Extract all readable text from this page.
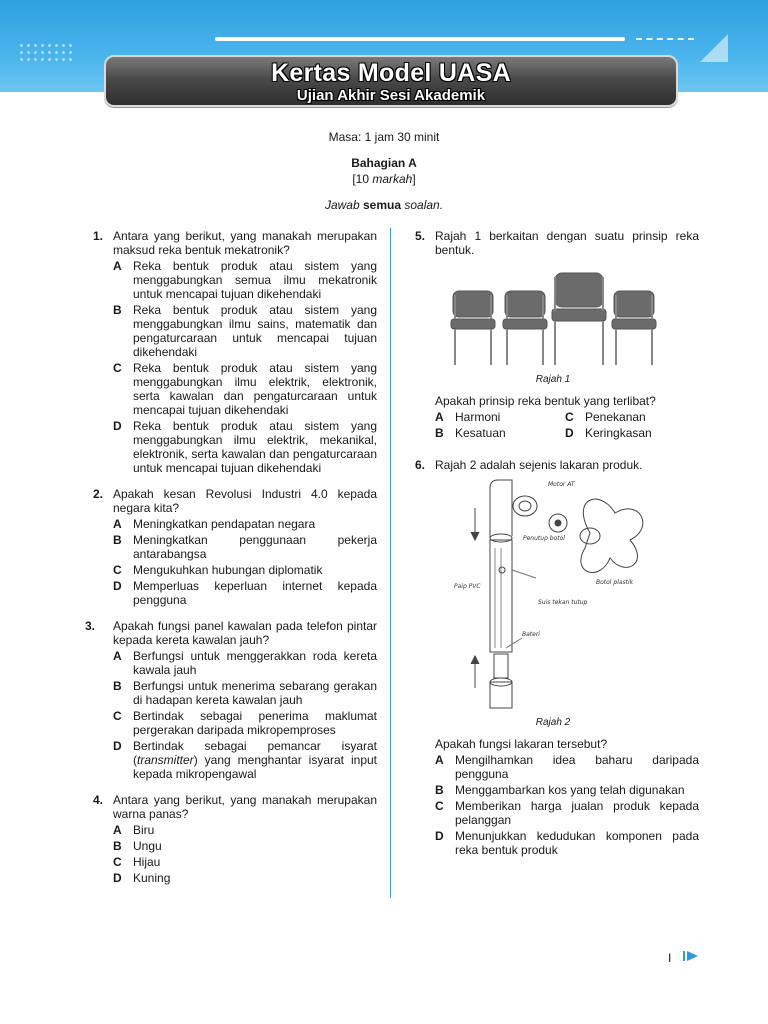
Kertas Model UASA
Ujian Akhir Sesi Akademik
Masa: 1 jam 30 minit
Bahagian A
[10 markah]
Jawab semua soalan.
1. Antara yang berikut, yang manakah merupakan maksud reka bentuk mekatronik?
A Reka bentuk produk atau sistem yang menggabungkan semua ilmu mekatronik untuk mencapai tujuan dikehendaki
B Reka bentuk produk atau sistem yang menggabungkan ilmu sains, matematik dan pengaturcaraan untuk mencapai tujuan dikehendaki
C Reka bentuk produk atau sistem yang menggabungkan ilmu elektrik, elektronik, serta kawalan dan pengaturcaraan untuk mencapai tujuan dikehendaki
D Reka bentuk produk atau sistem yang menggabungkan ilmu elektrik, mekanikal, elektronik, serta kawalan dan pengaturcaraan untuk mencapai tujuan dikehendaki
2. Apakah kesan Revolusi Industri 4.0 kepada negara kita?
A Meningkatkan pendapatan negara
B Meningkatkan penggunaan pekerja antarabangsa
C Mengukuhkan hubungan diplomatik
D Memperluas keperluan internet kepada pengguna
3.	Apakah fungsi panel kawalan pada telefon pintar kepada kereta kawalan jauh?
A Berfungsi untuk menggerakkan roda kereta kawala jauh
B Berfungsi untuk menerima sebarang gerakan di hadapan kereta kawalan jauh
C Bertindak sebagai penerima maklumat pergerakan daripada mikropemproses
D Bertindak sebagai pemancar isyarat (transmitter) yang menghantar isyarat input kepada mikropengawal
4. Antara yang berikut, yang manakah merupakan warna panas?
A Biru
B Ungu
C Hijau
D Kuning
5. Rajah 1 berkaitan dengan suatu prinsip reka bentuk.
Rajah 1
Apakah prinsip reka bentuk yang terlibat?
A Harmoni	C Penekanan
B Kesatuan	D Keringkasan
6. Rajah 2 adalah sejenis lakaran produk.
Motor AT
Penutup botol
Paip PVC
Suis tekan tutup
Bateri
Botol plastik
Rajah 2
Apakah fungsi lakaran tersebut?
A Mengilhamkan idea baharu daripada pengguna
B Menggambarkan kos yang telah digunakan
C Memberikan harga jualan produk kepada pelanggan
D Menunjukkan kedudukan komponen pada reka bentuk produk
I
